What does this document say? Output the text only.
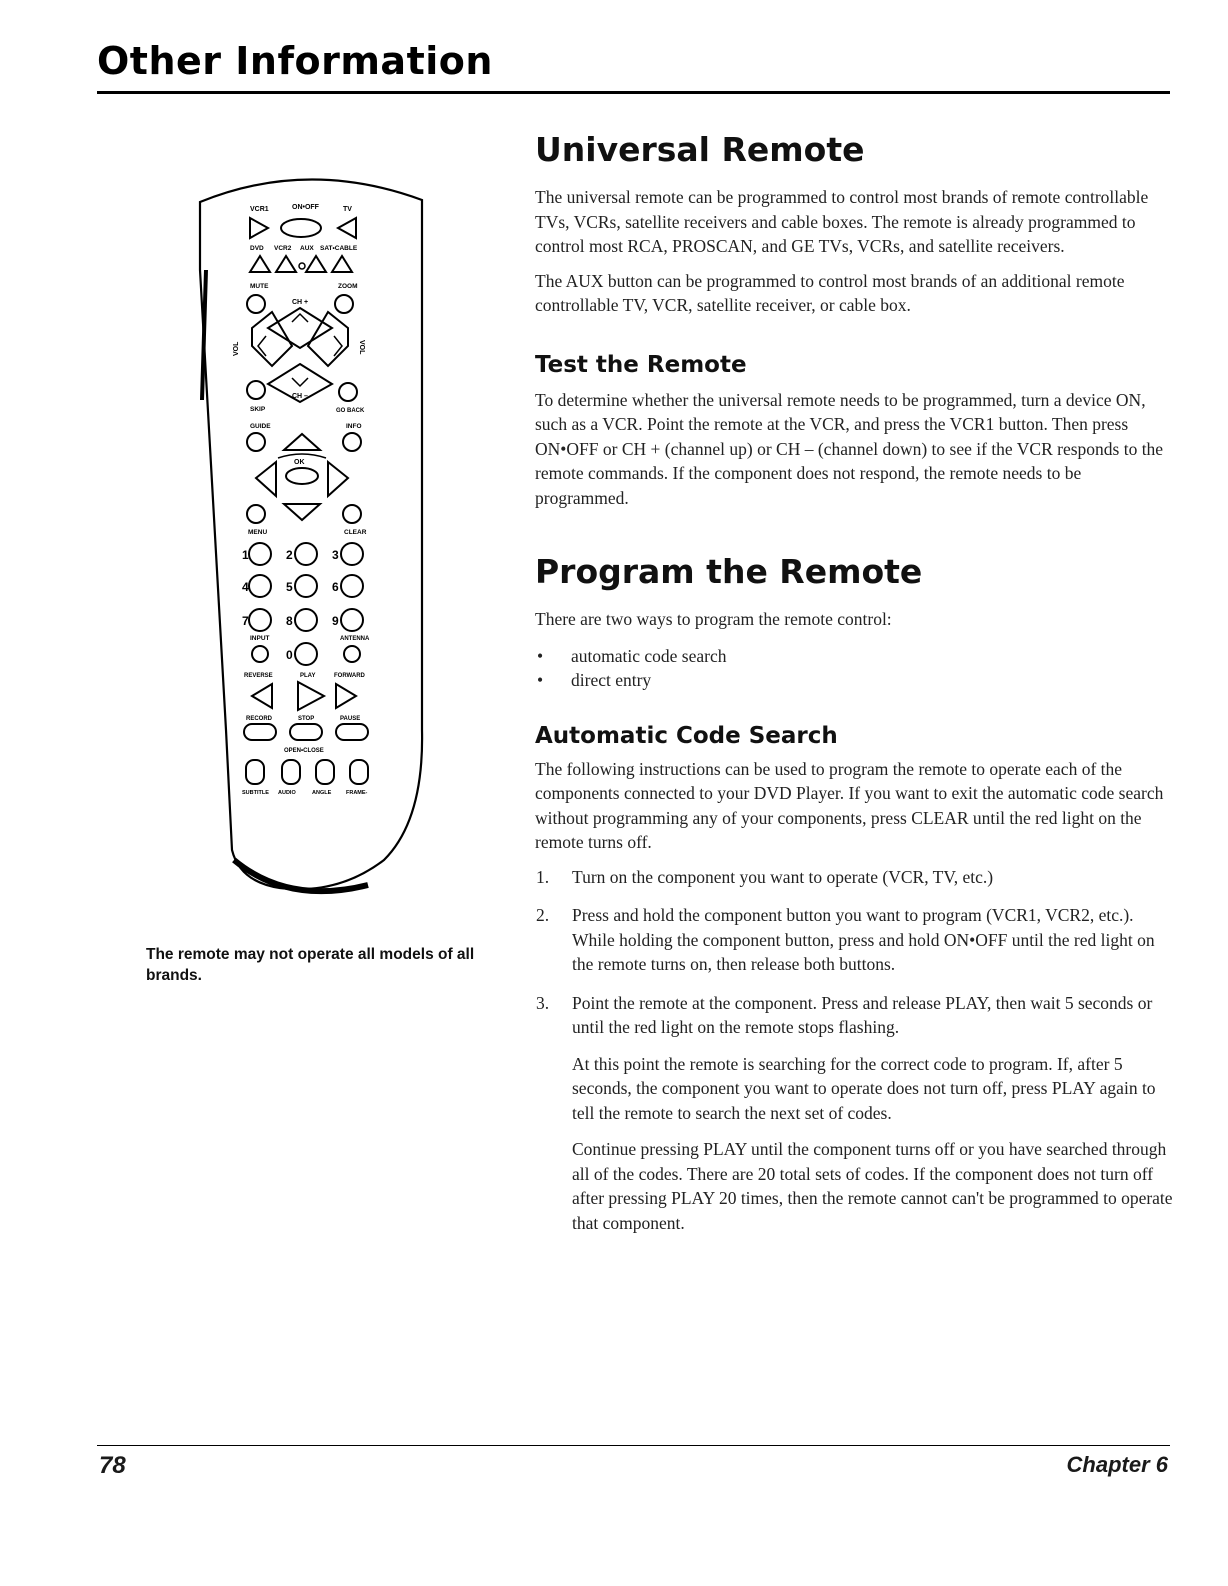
Other Information
VCR1	ON•OFF	TV
DVD VCR2 AUX SAT•CABLE
MUTE	ZOOM
CH +
VOL	VOL
CH –
SKIP	GO BACK
GUIDE	INFO
OK
MENU	CLEAR
1	2	3
4	5	6
7	8	9
0
INPUT	ANTENNA
REVERSE	PLAY	FORWARD
RECORD	STOP	PAUSE
OPEN•CLOSE
SUBTITLE AUDIO	ANGLE	FRAME-
The remote may not operate all models of all brands.
Universal Remote

The universal remote can be programmed to control most brands of remote controllable TVs, VCRs, satellite receivers and cable boxes. The remote is already programmed to control most RCA, PROSCAN, and GE TVs, VCRs, and satellite receivers.

The AUX button can be programmed to control most brands of an additional remote controllable TV, VCR, satellite receiver, or cable box.

Test the Remote

To determine whether the universal remote needs to be programmed, turn a device ON, such as a VCR. Point the remote at the VCR, and press the VCR1 button. Then press ON•OFF or CH + (channel up) or CH – (channel down) to see if the VCR responds to the remote commands. If the component does not respond, the remote needs to be programmed.

Program the Remote

There are two ways to program the remote control:

• automatic code search
• direct entry
Automatic Code Search

The following instructions can be used to program the remote to operate each of the components connected to your DVD Player. If you want to exit the automatic code search without programming any of your components, press CLEAR until the red light on the remote turns off.

1. Turn on the component you want to operate (VCR, TV, etc.)
2. Press and hold the component button you want to program (VCR1, VCR2, etc.). While holding the component button, press and hold ON•OFF until the red light on the remote turns on, then release both buttons.
3. Point the remote at the component. Press and release PLAY, then wait 5 seconds or until the red light on the remote stops flashing.

At this point the remote is searching for the correct code to program. If, after 5 seconds, the component you want to operate does not turn off, press PLAY again to tell the remote to search the next set of codes.

Continue pressing PLAY until the component turns off or you have searched through all of the codes. There are 20 total sets of codes. If the component does not turn off after pressing PLAY 20 times, then the remote cannot can't be programmed to operate that component.

78	Chapter 6
